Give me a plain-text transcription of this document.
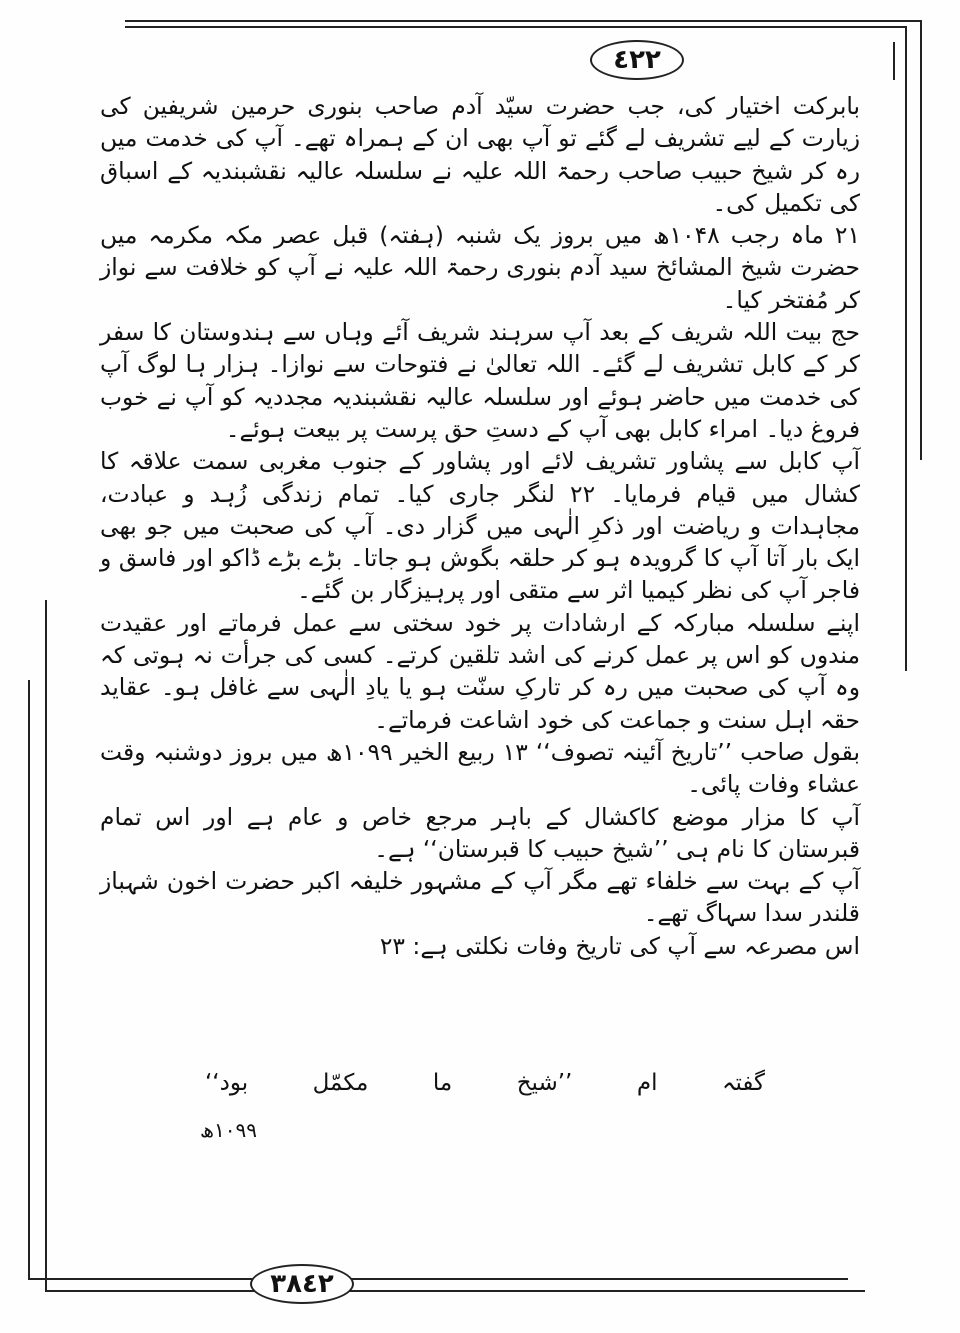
٤٢٢

بابرکت اختیار کی، جب حضرت سیّد آدم صاحب بنوری حرمین شریفین کی زیارت کے لیے تشریف لے گئے تو آپ بھی ان کے ہمراہ تھے۔ آپ کی خدمت میں رہ کر شیخ حبیب صاحب رحمۃ اللہ علیہ نے سلسلہ عالیہ نقشبندیہ کے اسباق کی تکمیل کی۔

۲۱ ماہ رجب ۱۰۴۸ھ میں بروز یک شنبہ (ہفتہ) قبل عصر مکہ مکرمہ میں حضرت شیخ المشائخ سید آدم بنوری رحمۃ اللہ علیہ نے آپ کو خلافت سے نواز کر مُفتخر کیا۔

حج بیت اللہ شریف کے بعد آپ سرہند شریف آئے وہاں سے ہندوستان کا سفر کر کے کابل تشریف لے گئے۔ اللہ تعالیٰ نے فتوحات سے نوازا۔ ہزار ہا لوگ آپ کی خدمت میں حاضر ہوئے اور سلسلہ عالیہ نقشبندیہ مجددیہ کو آپ نے خوب فروغ دیا۔ امراء کابل بھی آپ کے دستِ حق پرست پر بیعت ہوئے۔

آپ کابل سے پشاور تشریف لائے اور پشاور کے جنوب مغربی سمت علاقہ کا کشال میں قیام فرمایا۔ ۲۲ لنگر جاری کیا۔ تمام زندگی زُہد و عبادت، مجاہدات و ریاضت اور ذکرِ الٰہی میں گزار دی۔ آپ کی صحبت میں جو بھی ایک بار آتا آپ کا گرویدہ ہو کر حلقہ بگوش ہو جاتا۔ بڑے بڑے ڈاکو اور فاسق و فاجر آپ کی نظر کیمیا اثر سے متقی اور پرہیزگار بن گئے۔

اپنے سلسلہ مبارکہ کے ارشادات پر خود سختی سے عمل فرماتے اور عقیدت مندوں کو اس پر عمل کرنے کی اشد تلقین کرتے۔ کسی کی جرأت نہ ہوتی کہ وہ آپ کی صحبت میں رہ کر تارکِ سنّت ہو یا یادِ الٰہی سے غافل ہو۔ عقاید حقہ اہل سنت و جماعت کی خود اشاعت فرماتے۔

بقول صاحب ’’تاریخ آئینہ تصوف‘‘ ۱۳ ربیع الخیر ۱۰۹۹ھ میں بروز دوشنبہ وقت عشاء وفات پائی۔

آپ کا مزار موضع کاکشال کے باہر مرجع خاص و عام ہے اور اس تمام قبرستان کا نام ہی ’’شیخ حبیب کا قبرستان‘‘ ہے۔

آپ کے بہت سے خلفاء تھے مگر آپ کے مشہور خلیفہ اکبر حضرت اخون شہباز قلندر سدا سہاگ تھے۔

اس مصرعہ سے آپ کی تاریخ وفات نکلتی ہے: ۲۳

گفتہ
ام
’’شیخ
ما
مکمّل
بود‘‘
۱۰۹۹ھ
٣٨٤٢
